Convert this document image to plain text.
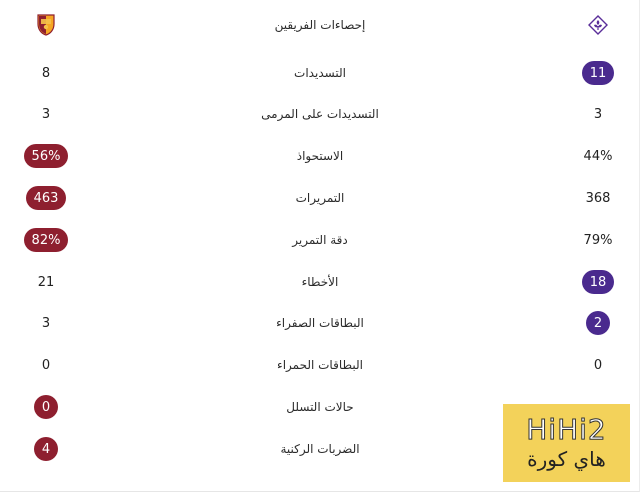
إحصاءات الفريقين
8	التسديدات	11
3	التسديدات على المرمى	3
56%	الاستحواذ	44%
463	التمريرات	368
82%	دقة التمرير	79%
21	الأخطاء	18
3	البطاقات الصفراء	2
0	البطاقات الحمراء	0
0	حالات التسلل
4	الضربات الركنية
HiHi2
هاي كورة
